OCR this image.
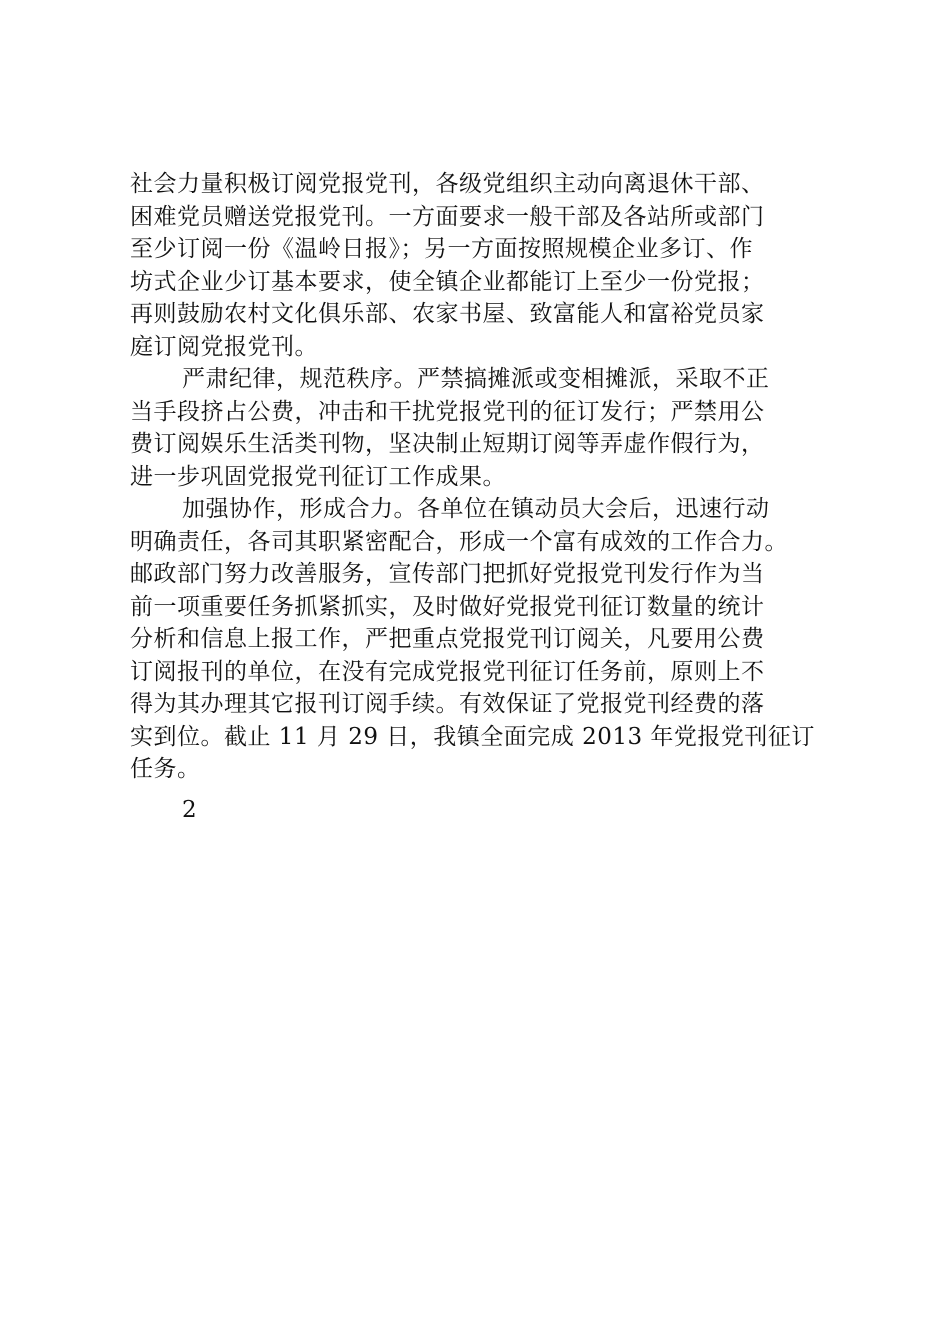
社会力量积极订阅党报党刊，各级党组织主动向离退休干部、
困难党员赠送党报党刊。一方面要求一般干部及各站所或部门
至少订阅一份《温岭日报》；另一方面按照规模企业多订、作
坊式企业少订基本要求，使全镇企业都能订上至少一份党报；
再则鼓励农村文化俱乐部、农家书屋、致富能人和富裕党员家
庭订阅党报党刊。
严肃纪律，规范秩序。严禁搞摊派或变相摊派，采取不正
当手段挤占公费，冲击和干扰党报党刊的征订发行；严禁用公
费订阅娱乐生活类刊物，坚决制止短期订阅等弄虚作假行为，
进一步巩固党报党刊征订工作成果。
加强协作，形成合力。各单位在镇动员大会后，迅速行动
明确责任，各司其职紧密配合，形成一个富有成效的工作合力。
邮政部门努力改善服务，宣传部门把抓好党报党刊发行作为当
前一项重要任务抓紧抓实，及时做好党报党刊征订数量的统计
分析和信息上报工作，严把重点党报党刊订阅关，凡要用公费
订阅报刊的单位，在没有完成党报党刊征订任务前，原则上不
得为其办理其它报刊订阅手续。有效保证了党报党刊经费的落
实到位。截止 11 月 29 日，我镇全面完成 2013 年党报党刊征订
任务。
2
